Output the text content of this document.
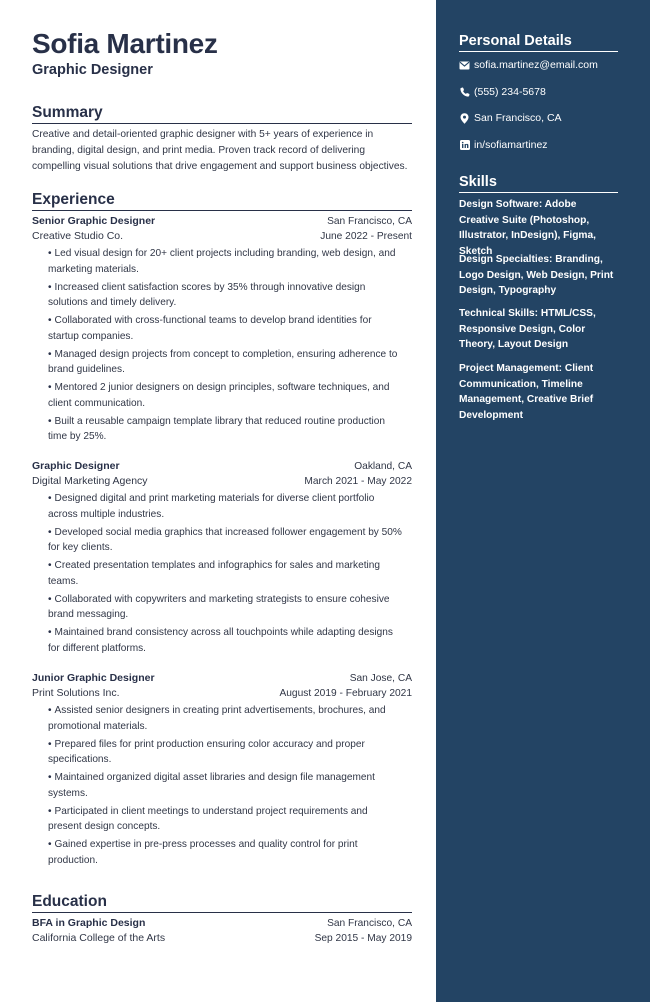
Sofia Martinez
Graphic Designer
Summary
Creative and detail-oriented graphic designer with 5+ years of experience in branding, digital design, and print media. Proven track record of delivering compelling visual solutions that drive engagement and support business objectives.
Experience
Senior Graphic Designer	San Francisco, CA
Creative Studio Co.	June 2022 - Present
• Led visual design for 20+ client projects including branding, web design, and marketing materials.
• Increased client satisfaction scores by 35% through innovative design solutions and timely delivery.
• Collaborated with cross-functional teams to develop brand identities for startup companies.
• Managed design projects from concept to completion, ensuring adherence to brand guidelines.
• Mentored 2 junior designers on design principles, software techniques, and client communication.
• Built a reusable campaign template library that reduced routine production time by 25%.
Graphic Designer	Oakland, CA
Digital Marketing Agency	March 2021 - May 2022
• Designed digital and print marketing materials for diverse client portfolio across multiple industries.
• Developed social media graphics that increased follower engagement by 50% for key clients.
• Created presentation templates and infographics for sales and marketing teams.
• Collaborated with copywriters and marketing strategists to ensure cohesive brand messaging.
• Maintained brand consistency across all touchpoints while adapting designs for different platforms.
Junior Graphic Designer	San Jose, CA
Print Solutions Inc.	August 2019 - February 2021
• Assisted senior designers in creating print advertisements, brochures, and promotional materials.
• Prepared files for print production ensuring color accuracy and proper specifications.
• Maintained organized digital asset libraries and design file management systems.
• Participated in client meetings to understand project requirements and present design concepts.
• Gained expertise in pre-press processes and quality control for print production.
Education
BFA in Graphic Design	San Francisco, CA
California College of the Arts	Sep 2015 - May 2019
Personal Details
sofia.martinez@email.com
(555) 234-5678
San Francisco, CA
in/sofiamartinez
Skills
Design Software: Adobe Creative Suite (Photoshop, Illustrator, InDesign), Figma, Sketch
Design Specialties: Branding, Logo Design, Web Design, Print Design, Typography
Technical Skills: HTML/CSS, Responsive Design, Color Theory, Layout Design
Project Management: Client Communication, Timeline Management, Creative Brief Development
